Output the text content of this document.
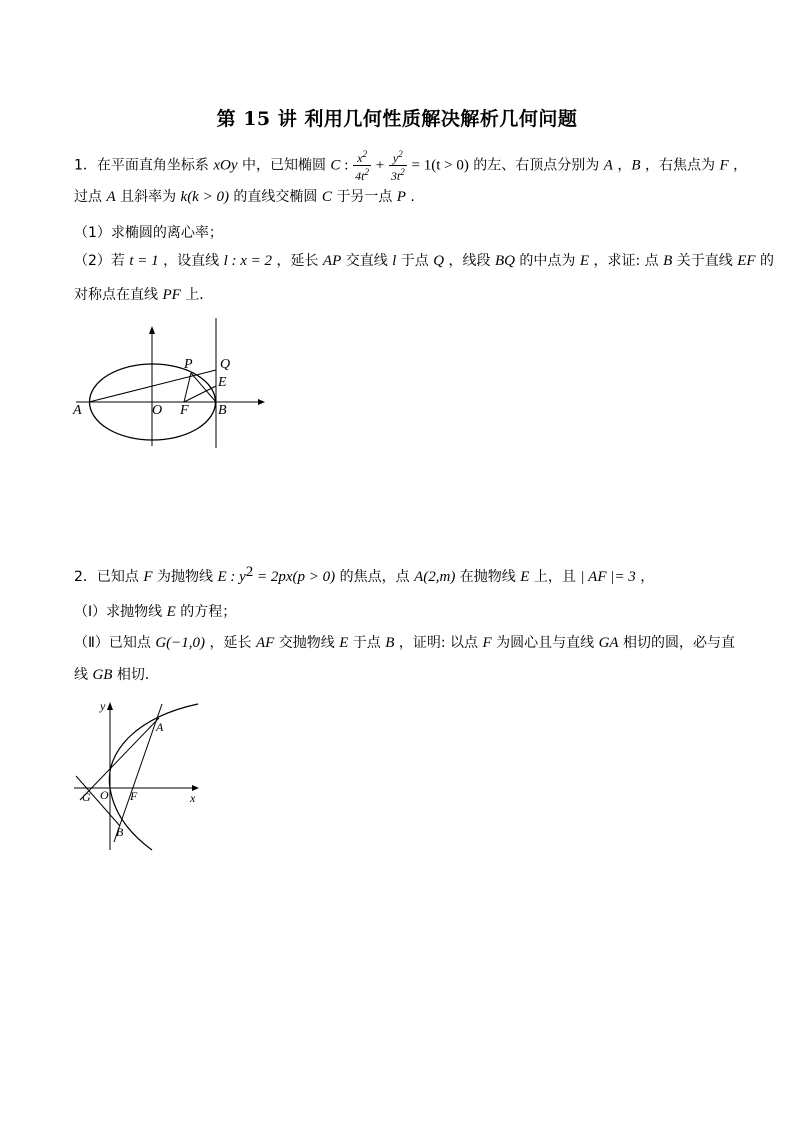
第 15 讲 利用几何性质解决解析几何问题
1．在平面直角坐标系 xOy 中，已知椭圆 C : $\frac{x^2}{4t^2} + \frac{y^2}{3t^2} = 1(t > 0)$ 的左、右顶点分别为 A ，B ，右焦点为 F ，
过点 A 且斜率为 k(k > 0) 的直线交椭圆 C 于另一点 P .
（1）求椭圆的离心率；
（2）若 t = 1 ，设直线 l : x = 2 ，延长 AP 交直线 l 于点 Q ，线段 BQ 的中点为 E ，求证: 点 B 关于直线 EF 的
对称点在直线 PF 上．
P Q
E
A	O F B
2．已知点 F 为抛物线 E : $y^2 = 2px(p > 0)$ 的焦点，点 A(2,m) 在抛物线 E 上，且 | AF |= 3 ，
（Ⅰ）求抛物线 E 的方程；
（Ⅱ）已知点 G(−1,0) ，延长 AF 交抛物线 E 于点 B ，证明: 以点 F 为圆心且与直线 GA 相切的圆，必与直
线 GB 相切．
y
A
G O F	x
B
